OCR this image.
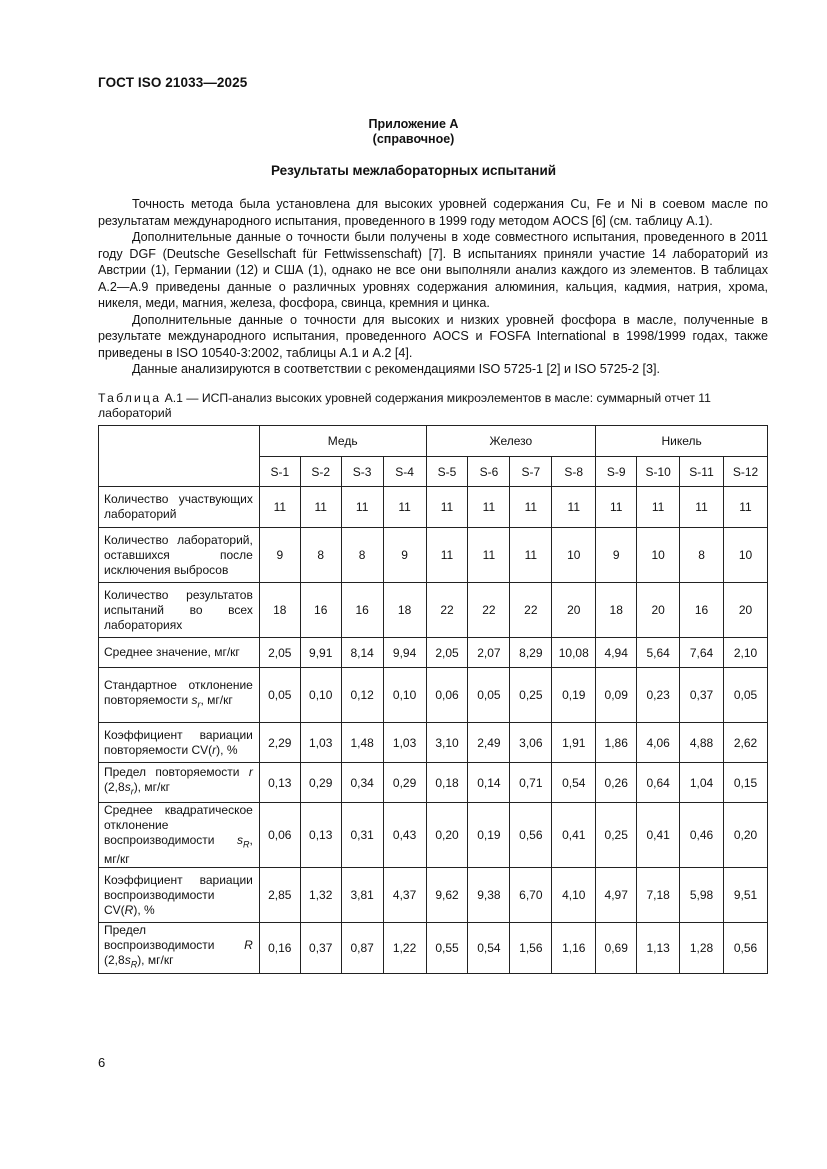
ГОСТ ISO 21033—2025
Приложение А
(справочное)
Результаты межлабораторных испытаний

Точность метода была установлена для высоких уровней содержания Cu, Fe и Ni в соевом масле по результатам международного испытания, проведенного в 1999 году методом AOCS [6] (см. таблицу А.1).

Дополнительные данные о точности были получены в ходе совместного испытания, проведенного в 2011 году DGF (Deutsche Gesellschaft für Fettwissenschaft) [7]. В испытаниях приняли участие 14 лабораторий из Австрии (1), Германии (12) и США (1), однако не все они выполняли анализ каждого из элементов. В таблицах А.2—А.9 приведены данные о различных уровнях содержания алюминия, кальция, кадмия, натрия, хрома, никеля, меди, магния, железа, фосфора, свинца, кремния и цинка.

Дополнительные данные о точности для высоких и низких уровней фосфора в масле, полученные в результате международного испытания, проведенного AOCS и FOSFA International в 1998/1999 годах, также приведены в ISO 10540-3:2002, таблицы А.1 и А.2 [4].

Данные анализируются в соответствии с рекомендациями ISO 5725-1 [2] и ISO 5725-2 [3].

Таблица А.1 — ИСП-анализ высоких уровней содержания микроэлементов в масле: суммарный отчет 11 лабораторий
	Медь				Железо				Никель			
	S-1	S-2	S-3	S-4	S-5	S-6	S-7	S-8	S-9	S-10	S-11	S-12
Количество участвующих лабораторий	11	11	11	11	11	11	11	11	11	11	11	11
Количество лабораторий, оставшихся после исключения выбросов	9	8	8	9	11	11	11	10	9	10	8	10
Количество результатов испытаний во всех лабораториях	18	16	16	18	22	22	22	20	18	20	16	20
Среднее значение, мг/кг	2,05	9,91	8,14	9,94	2,05	2,07	8,29	10,08	4,94	5,64	7,64	2,10
Стандартное отклонение повторяемости $s_r$, мг/кг	0,05	0,10	0,12	0,10	0,06	0,05	0,25	0,19	0,09	0,23	0,37	0,05
Коэффициент вариации повторяемости CV(r), %	2,29	1,03	1,48	1,03	3,10	2,49	3,06	1,91	1,86	4,06	4,88	2,62
Предел повторяемости r $(2,8s_r)$, мг/кг	0,13	0,29	0,34	0,29	0,18	0,14	0,71	0,54	0,26	0,64	1,04	0,15
Среднее квадратическое отклонение воспроизводимости $s_R$, мг/кг	0,06	0,13	0,31	0,43	0,20	0,19	0,56	0,41	0,25	0,41	0,46	0,20
Коэффициент вариации воспроизводимости CV(R), %	2,85	1,32	3,81	4,37	9,62	9,38	6,70	4,10	4,97	7,18	5,98	9,51
Предел воспроизводимости R $(2,8s_R)$, мг/кг	0,16	0,37	0,87	1,22	0,55	0,54	1,56	1,16	0,69	1,13	1,28	0,56
6
